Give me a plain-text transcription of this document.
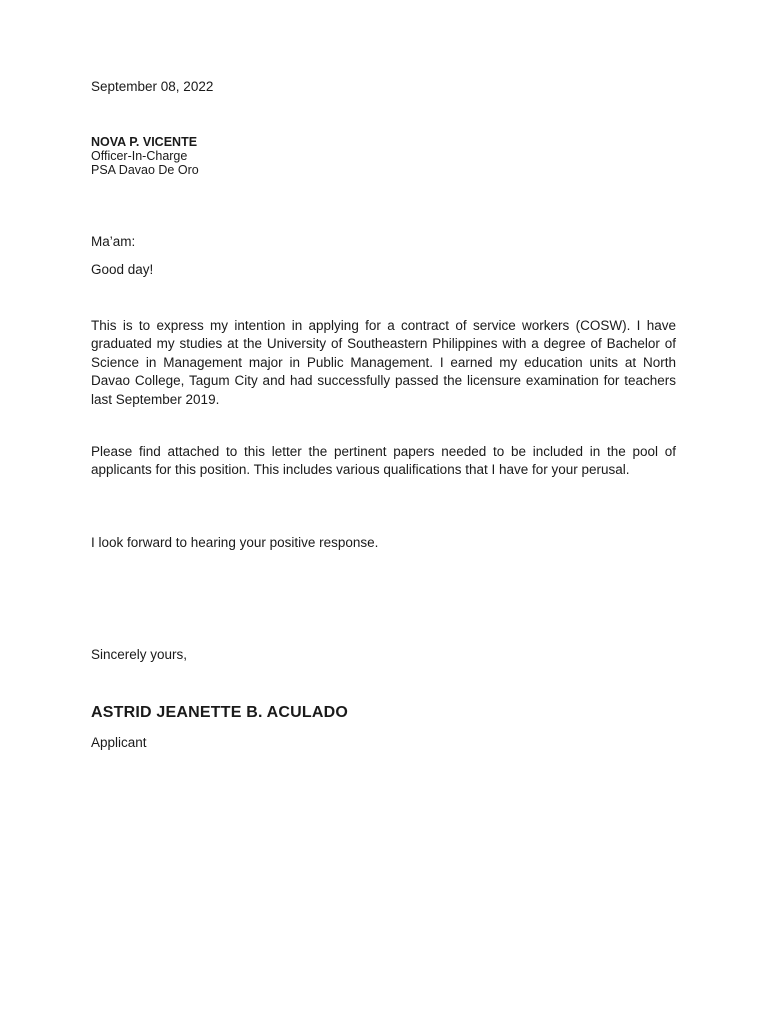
September 08, 2022
NOVA P. VICENTE
Officer-In-Charge
PSA Davao De Oro
Ma’am:
Good day!

This is to express my intention in applying for a contract of service workers (COSW). I have graduated my studies at the University of Southeastern Philippines with a degree of Bachelor of Science in Management major in Public Management. I earned my education units at North Davao College, Tagum City and had successfully passed the licensure examination for teachers last September 2019.

Please find attached to this letter the pertinent papers needed to be included in the pool of applicants for this position. This includes various qualifications that I have for your perusal.

I look forward to hearing your positive response.

Sincerely yours,
ASTRID JEANETTE B. ACULADO
Applicant
